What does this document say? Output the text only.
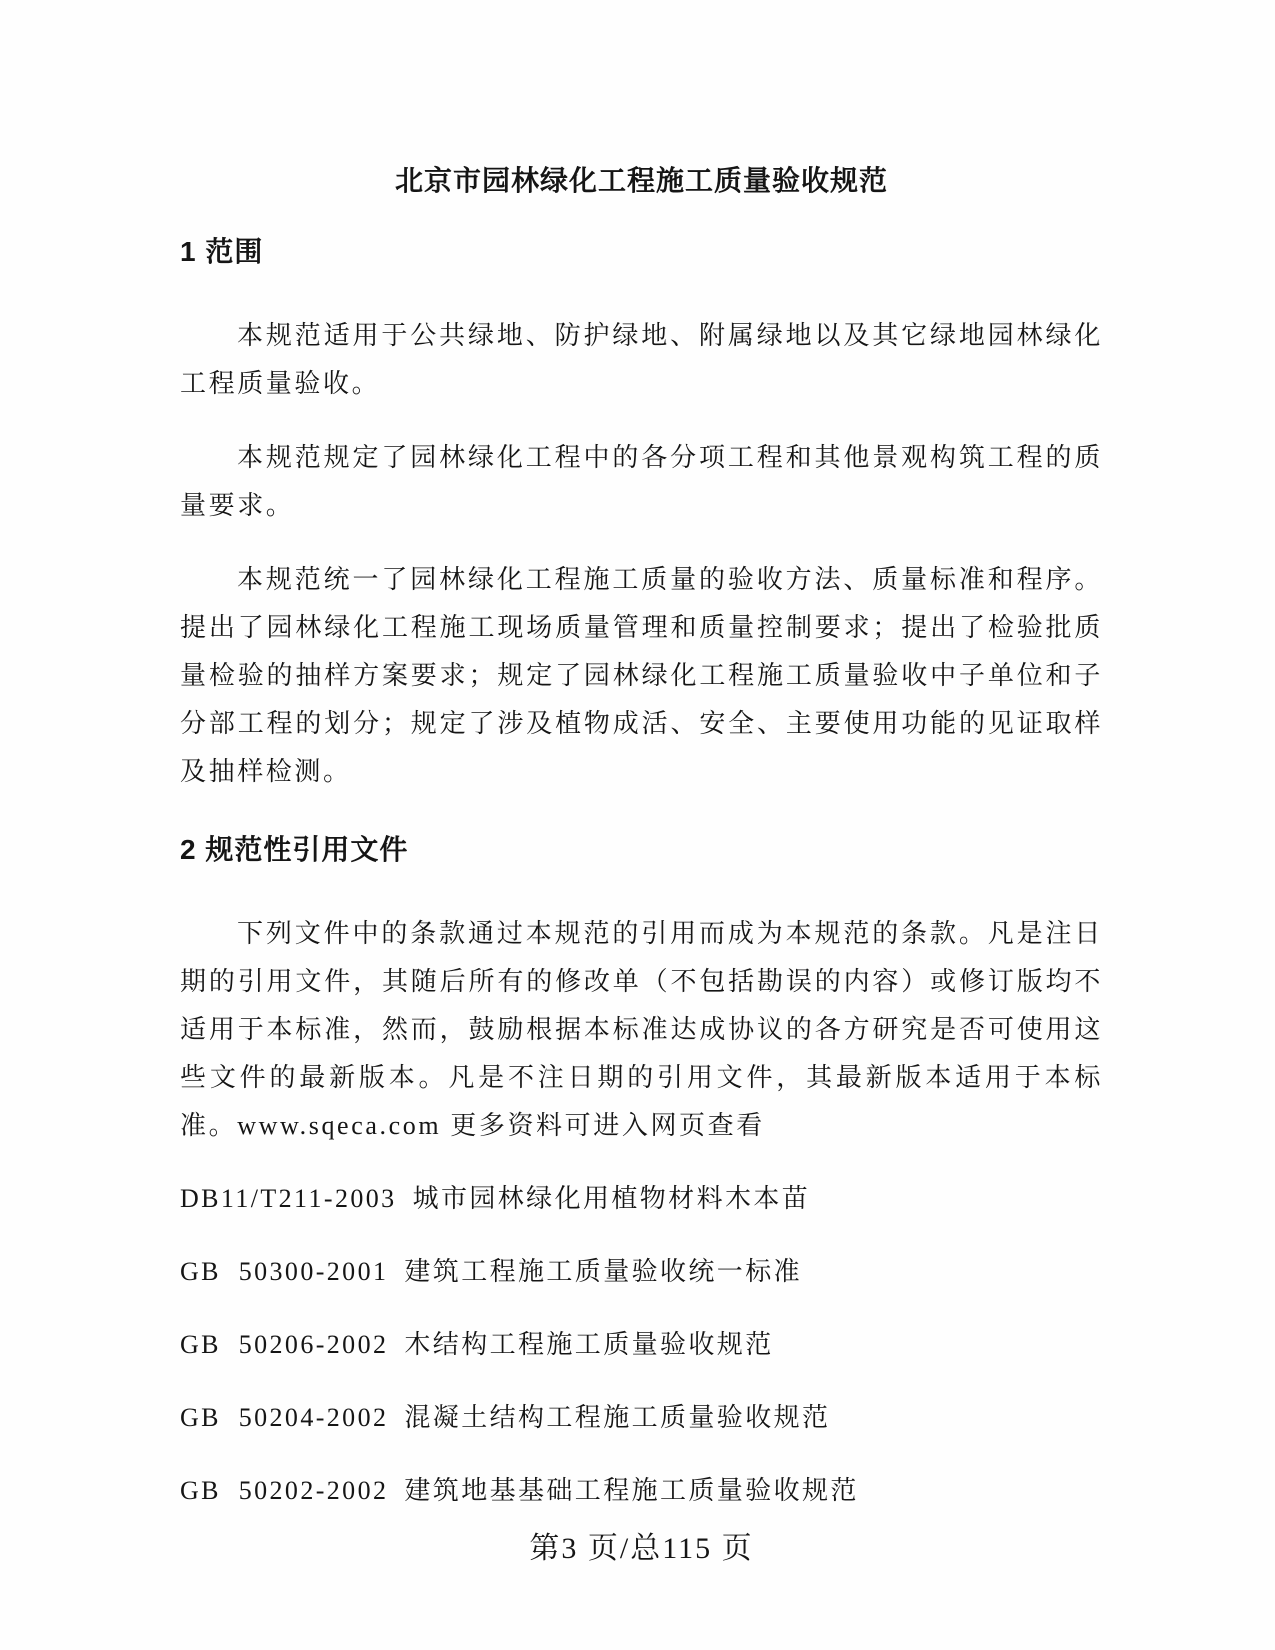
北京市园林绿化工程施工质量验收规范
1 范围

本规范适用于公共绿地、防护绿地、附属绿地以及其它绿地园林绿化工程质量验收。

本规范规定了园林绿化工程中的各分项工程和其他景观构筑工程的质量要求。

本规范统一了园林绿化工程施工质量的验收方法、质量标准和程序。提出了园林绿化工程施工现场质量管理和质量控制要求；提出了检验批质量检验的抽样方案要求；规定了园林绿化工程施工质量验收中子单位和子分部工程的划分；规定了涉及植物成活、安全、主要使用功能的见证取样及抽样检测。

2 规范性引用文件

下列文件中的条款通过本规范的引用而成为本规范的条款。凡是注日期的引用文件，其随后所有的修改单（不包括勘误的内容）或修订版均不适用于本标准，然而，鼓励根据本标准达成协议的各方研究是否可使用这些文件的最新版本。凡是不注日期的引用文件，其最新版本适用于本标准。www.sqeca.com 更多资料可进入网页查看

DB11/T211-2003 城市园林绿化用植物材料木本苗
GB  50300-2001 建筑工程施工质量验收统一标准
GB  50206-2002 木结构工程施工质量验收规范
GB  50204-2002 混凝土结构工程施工质量验收规范
GB  50202-2002 建筑地基基础工程施工质量验收规范
第3 页/总115 页
